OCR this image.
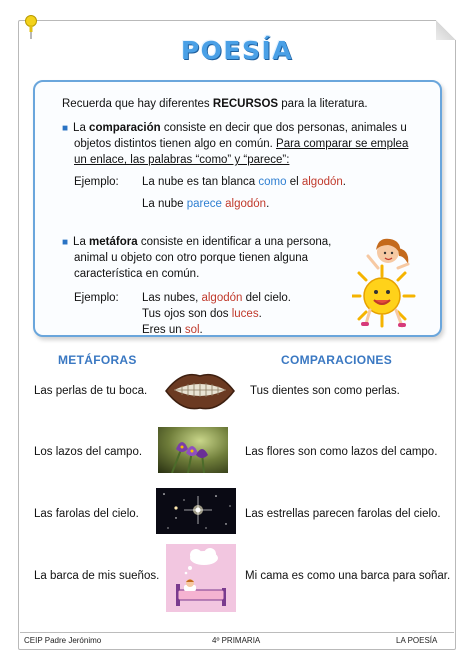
POESÍA
Recuerda que hay diferentes RECURSOS para la literatura.
■ La comparación consiste en decir que dos personas, animales u
objetos distintos tienen algo en común. Para comparar se emplea
un enlace, las palabras “como” y “parece”:
Ejemplo: La nube es tan blanca como el algodón.
La nube parece algodón.
■ La metáfora consiste en identificar a una persona,
animal u objeto con otro porque tienen alguna
característica en común.
Ejemplo: Las nubes, algodón del cielo.
Tus ojos son dos luces.
Eres un sol.
METÁFORAS	COMPARACIONES
Las perlas de tu boca.	Tus dientes son como perlas.
Los lazos del campo.	Las flores son como lazos del campo.
Las farolas del cielo.	Las estrellas parecen farolas del cielo.
La barca de mis sueños.	Mi cama es como una barca para soñar.
CEIP Padre Jerónimo	4º PRIMARIA	LA POESÍA
